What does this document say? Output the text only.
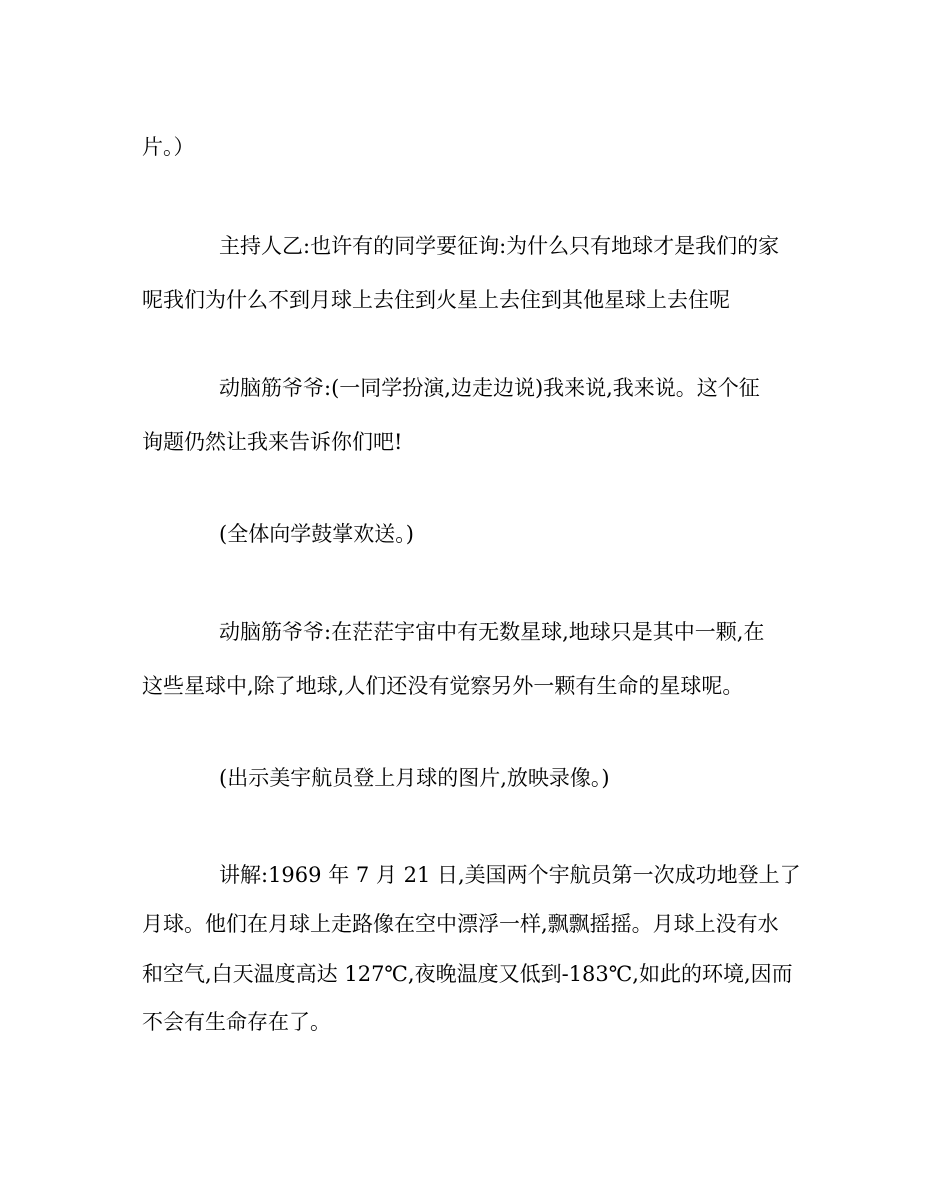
片。）
主持人乙:也许有的同学要征询:为什么只有地球才是我们的家
呢我们为什么不到月球上去住到火星上去住到其他星球上去住呢
动脑筋爷爷:(一同学扮演,边走边说)我来说,我来说。这个征
询题仍然让我来告诉你们吧!
(全体向学鼓掌欢送。)
动脑筋爷爷:在茫茫宇宙中有无数星球,地球只是其中一颗,在
这些星球中,除了地球,人们还没有觉察另外一颗有生命的星球呢。
(出示美宇航员登上月球的图片,放映录像。)
讲解:1969 年 7 月 21 日,美国两个宇航员第一次成功地登上了
月球。他们在月球上走路像在空中漂浮一样,飘飘摇摇。月球上没有水
和空气,白天温度高达 127℃,夜晚温度又低到-183℃,如此的环境,因而
不会有生命存在了。
